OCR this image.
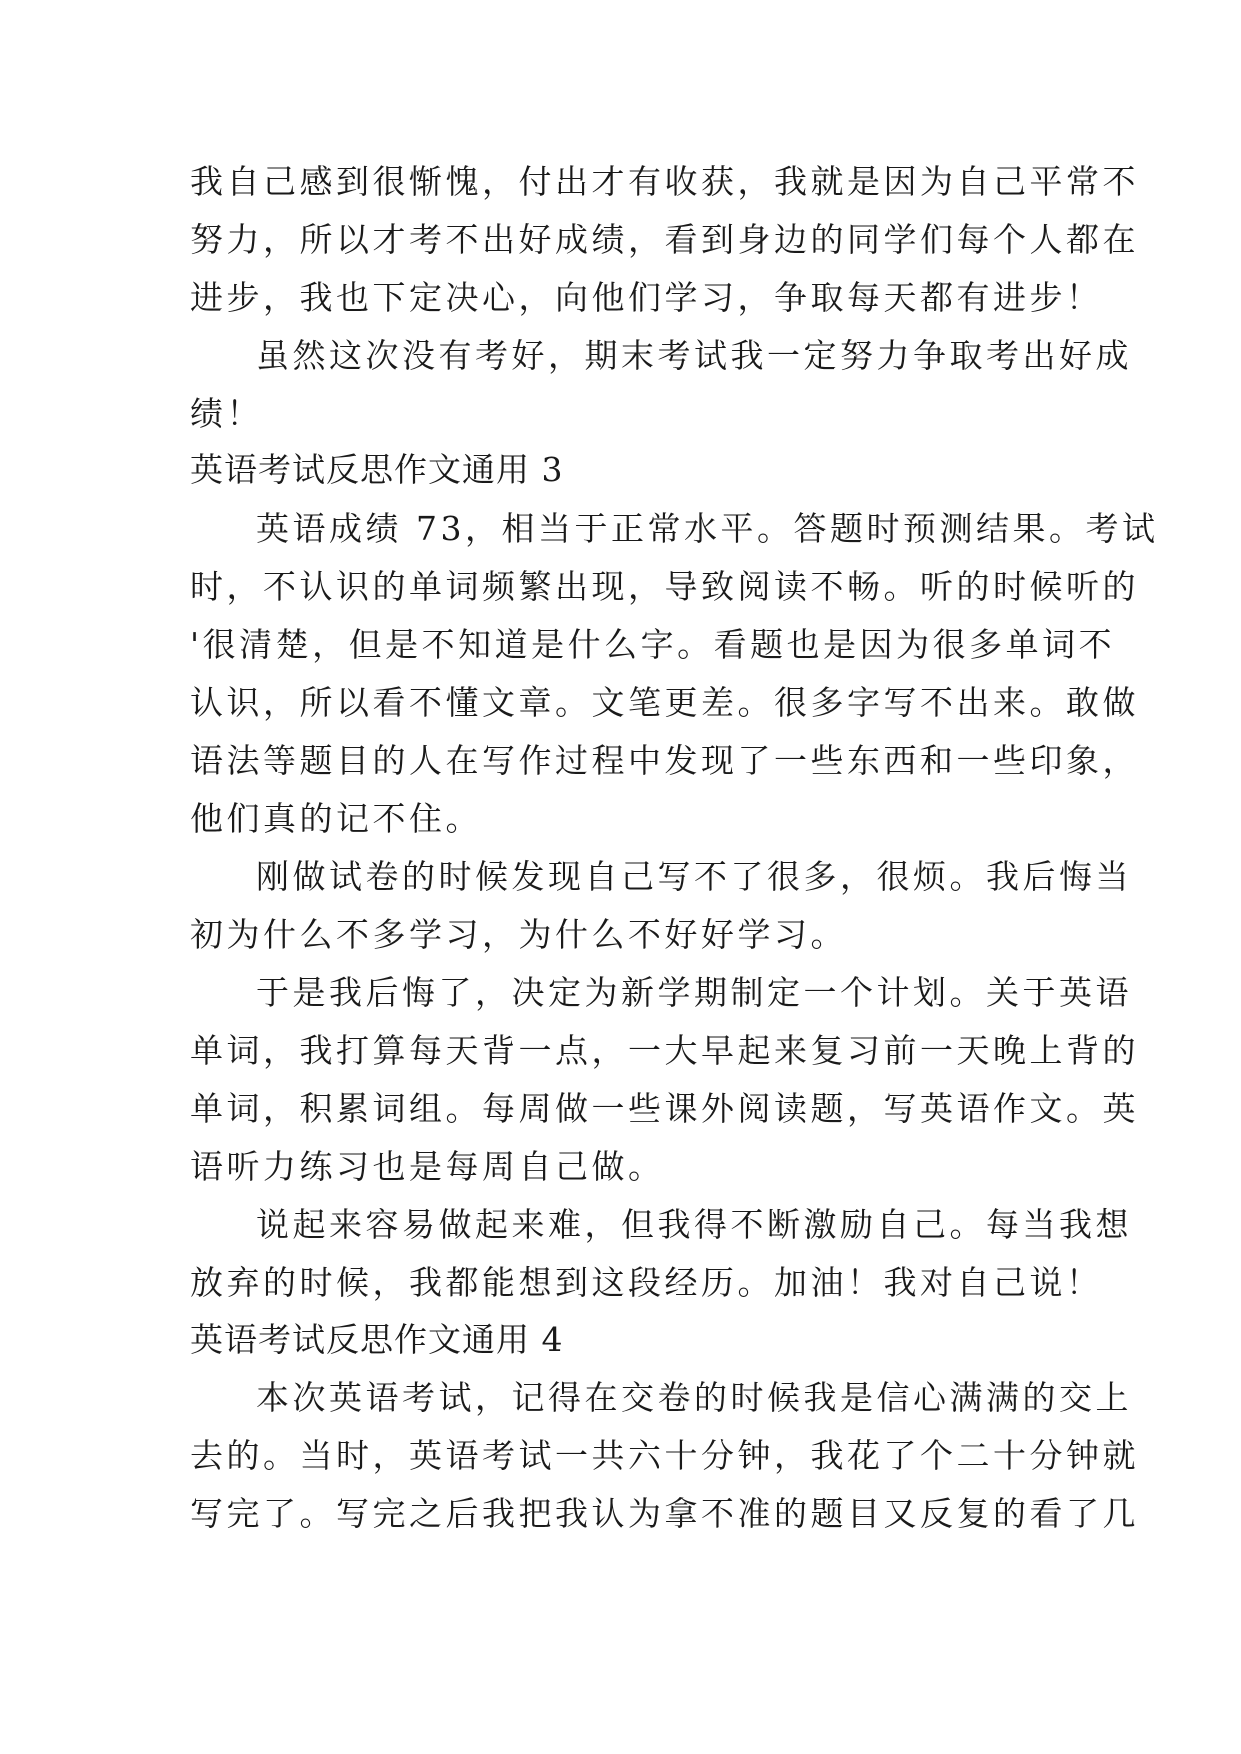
我自己感到很惭愧，付出才有收获，我就是因为自己平常不
努力，所以才考不出好成绩，看到身边的同学们每个人都在
进步，我也下定决心，向他们学习，争取每天都有进步！
虽然这次没有考好，期末考试我一定努力争取考出好成
绩！
英语考试反思作文通用 3
英语成绩 73，相当于正常水平。答题时预测结果。考试
时，不认识的单词频繁出现，导致阅读不畅。听的时候听的
'很清楚，但是不知道是什么字。看题也是因为很多单词不
认识，所以看不懂文章。文笔更差。很多字写不出来。敢做
语法等题目的人在写作过程中发现了一些东西和一些印象，
他们真的记不住。
刚做试卷的时候发现自己写不了很多，很烦。我后悔当
初为什么不多学习，为什么不好好学习。
于是我后悔了，决定为新学期制定一个计划。关于英语
单词，我打算每天背一点，一大早起来复习前一天晚上背的
单词，积累词组。每周做一些课外阅读题，写英语作文。英
语听力练习也是每周自己做。
说起来容易做起来难，但我得不断激励自己。每当我想
放弃的时候，我都能想到这段经历。加油！我对自己说！
英语考试反思作文通用 4
本次英语考试，记得在交卷的时候我是信心满满的交上
去的。当时，英语考试一共六十分钟，我花了个二十分钟就
写完了。写完之后我把我认为拿不准的题目又反复的看了几
